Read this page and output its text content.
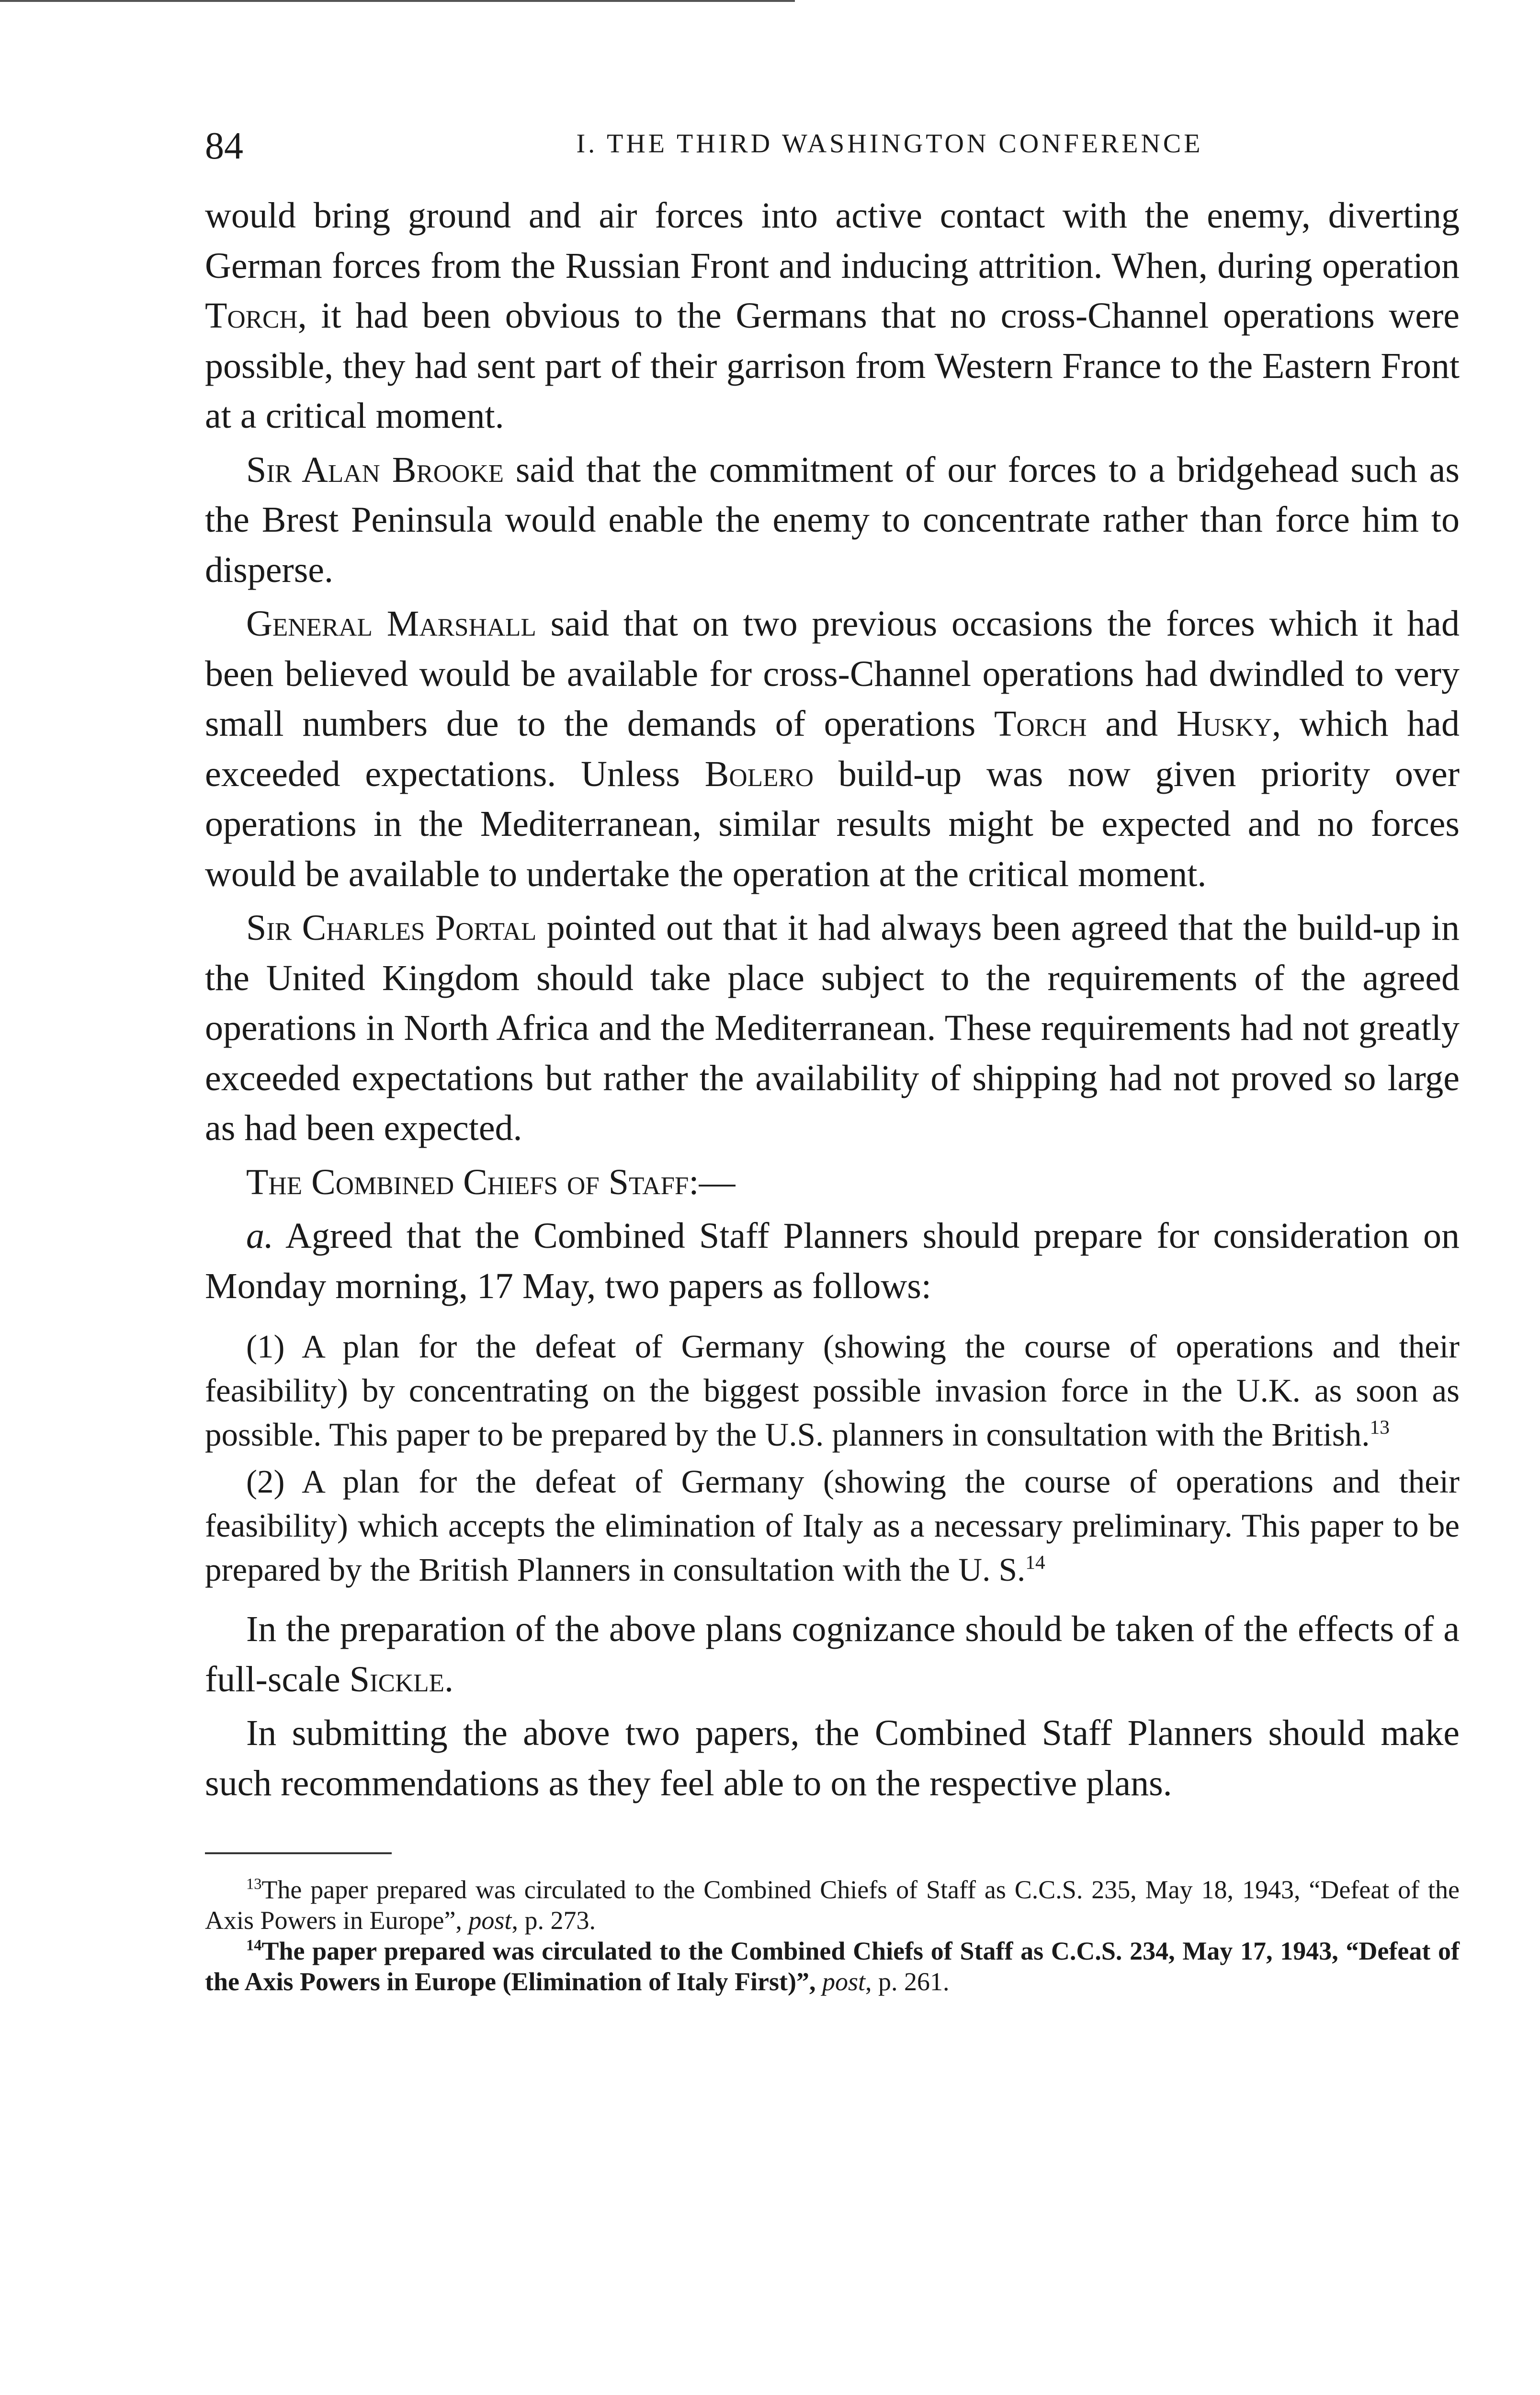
84	I. THE THIRD WASHINGTON CONFERENCE

would bring ground and air forces into active contact with the enemy, diverting German forces from the Russian Front and inducing attrition. When, during operation Torch, it had been obvious to the Germans that no cross-Channel operations were possible, they had sent part of their garrison from Western France to the Eastern Front at a critical moment.

Sir Alan Brooke said that the commitment of our forces to a bridgehead such as the Brest Peninsula would enable the enemy to concentrate rather than force him to disperse.

General Marshall said that on two previous occasions the forces which it had been believed would be available for cross-Channel operations had dwindled to very small numbers due to the demands of operations Torch and Husky, which had exceeded expectations. Unless Bolero build-up was now given priority over operations in the Mediterranean, similar results might be expected and no forces would be available to undertake the operation at the critical moment.

Sir Charles Portal pointed out that it had always been agreed that the build-up in the United Kingdom should take place subject to the requirements of the agreed operations in North Africa and the Mediterranean. These requirements had not greatly exceeded expectations but rather the availability of shipping had not proved so large as had been expected.

The Combined Chiefs of Staff:—

a. Agreed that the Combined Staff Planners should prepare for consideration on Monday morning, 17 May, two papers as follows:

(1) A plan for the defeat of Germany (showing the course of operations and their feasibility) by concentrating on the biggest possible invasion force in the U.K. as soon as possible. This paper to be prepared by the U.S. planners in consultation with the British.$^{13}$

(2) A plan for the defeat of Germany (showing the course of operations and their feasibility) which accepts the elimination of Italy as a necessary preliminary. This paper to be prepared by the British Planners in consultation with the U. S.$^{14}$

In the preparation of the above plans cognizance should be taken of the effects of a full-scale Sickle.

In submitting the above two papers, the Combined Staff Planners should make such recommendations as they feel able to on the respective plans.

$^{13}$The paper prepared was circulated to the Combined Chiefs of Staff as C.C.S. 235, May 18, 1943, “Defeat of the Axis Powers in Europe”, post, p. 273.

$^{14}$The paper prepared was circulated to the Combined Chiefs of Staff as C.C.S. 234, May 17, 1943, “Defeat of the Axis Powers in Europe (Elimination of Italy First)”, post, p. 261.
